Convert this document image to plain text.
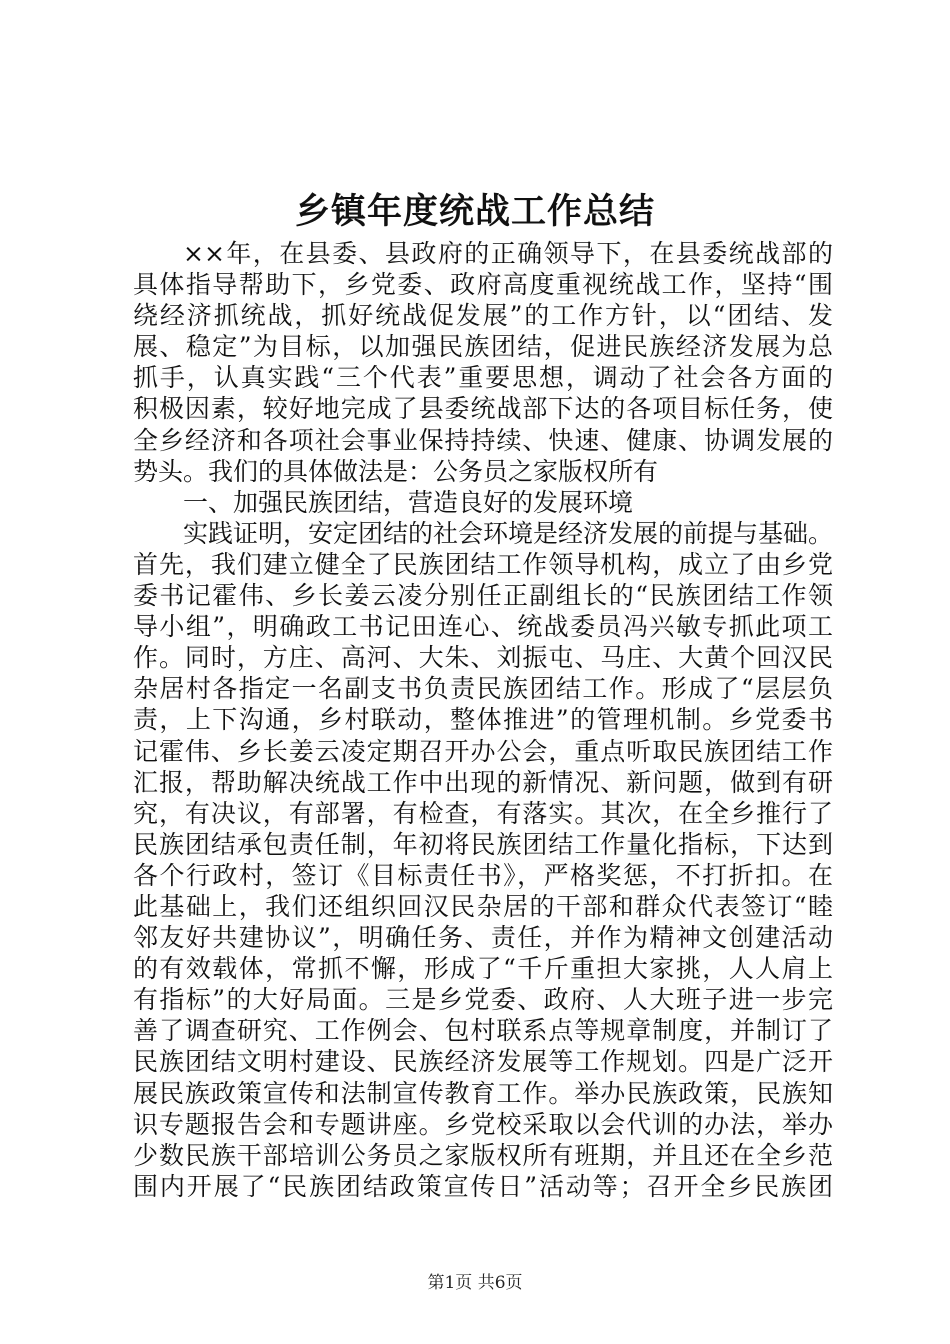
乡镇年度统战工作总结
××年，在县委、县政府的正确领导下，在县委统战部的
具体指导帮助下，乡党委、政府高度重视统战工作，坚持“围
绕经济抓统战，抓好统战促发展”的工作方针，以“团结、发
展、稳定”为目标，以加强民族团结，促进民族经济发展为总
抓手，认真实践“三个代表”重要思想，调动了社会各方面的
积极因素，较好地完成了县委统战部下达的各项目标任务，使
全乡经济和各项社会事业保持持续、快速、健康、协调发展的
势头。我们的具体做法是：公务员之家版权所有
一、加强民族团结，营造良好的发展环境
实践证明，安定团结的社会环境是经济发展的前提与基础。
首先，我们建立健全了民族团结工作领导机构，成立了由乡党
委书记霍伟、乡长姜云凌分别任正副组长的“民族团结工作领
导小组”，明确政工书记田连心、统战委员冯兴敏专抓此项工
作。同时，方庄、高河、大朱、刘振屯、马庄、大黄个回汉民
杂居村各指定一名副支书负责民族团结工作。形成了“层层负
责，上下沟通，乡村联动，整体推进”的管理机制。乡党委书
记霍伟、乡长姜云凌定期召开办公会，重点听取民族团结工作
汇报，帮助解决统战工作中出现的新情况、新问题，做到有研
究，有决议，有部署，有检查，有落实。其次，在全乡推行了
民族团结承包责任制，年初将民族团结工作量化指标，下达到
各个行政村，签订《目标责任书》，严格奖惩，不打折扣。在
此基础上，我们还组织回汉民杂居的干部和群众代表签订“睦
邻友好共建协议”，明确任务、责任，并作为精神文创建活动
的有效载体，常抓不懈，形成了“千斤重担大家挑，人人肩上
有指标”的大好局面。三是乡党委、政府、人大班子进一步完
善了调查研究、工作例会、包村联系点等规章制度，并制订了
民族团结文明村建设、民族经济发展等工作规划。四是广泛开
展民族政策宣传和法制宣传教育工作。举办民族政策，民族知
识专题报告会和专题讲座。乡党校采取以会代训的办法，举办
少数民族干部培训公务员之家版权所有班期，并且还在全乡范
围内开展了“民族团结政策宣传日”活动等；召开全乡民族团
第1页 共6页
